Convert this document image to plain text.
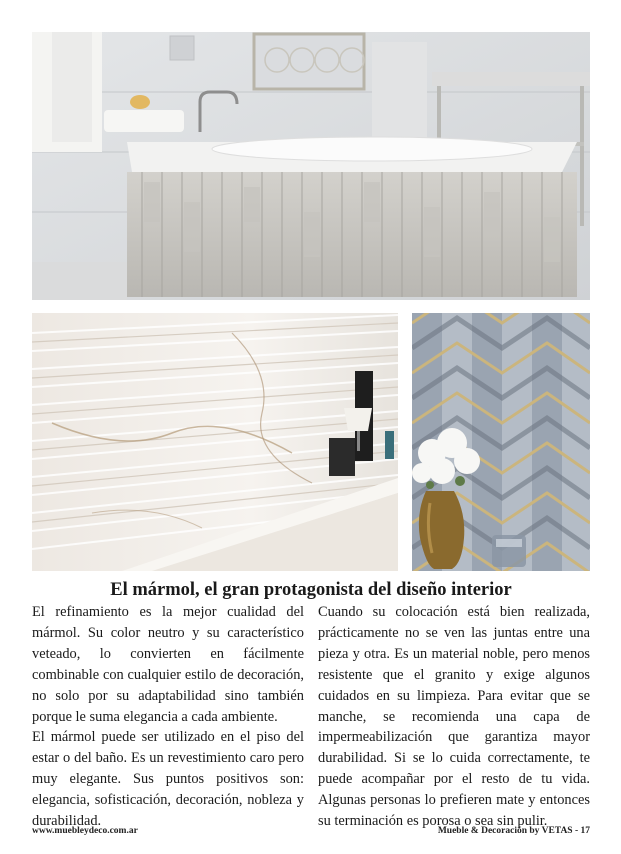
El mármol, el gran protagonista del diseño interior

El refinamiento es la mejor cualidad del mármol. Su color neutro y su característico veteado, lo convierten en fácilmente combinable con cualquier estilo de decoración, no solo por su adaptabilidad sino también porque le suma elegancia a cada ambiente.

El mármol puede ser utilizado en el piso del estar o del baño. Es un revestimiento caro pero muy elegante. Sus puntos positivos son: elegancia, sofisticación, decoración, nobleza y durabilidad.

Cuando su colocación está bien realizada, prácticamente no se ven las juntas entre una pieza y otra. Es un material noble, pero menos resistente que el granito y exige algunos cuidados en su limpieza. Para evitar que se manche, se recomienda una capa de impermeabilización que garantiza mayor durabilidad. Si se lo cuida correctamente, te puede acompañar por el resto de tu vida. Algunas personas lo prefieren mate y entonces su terminación es porosa o sea sin pulir.

www.muebleydeco.com.ar	Mueble & Decoración by VETAS - 17
